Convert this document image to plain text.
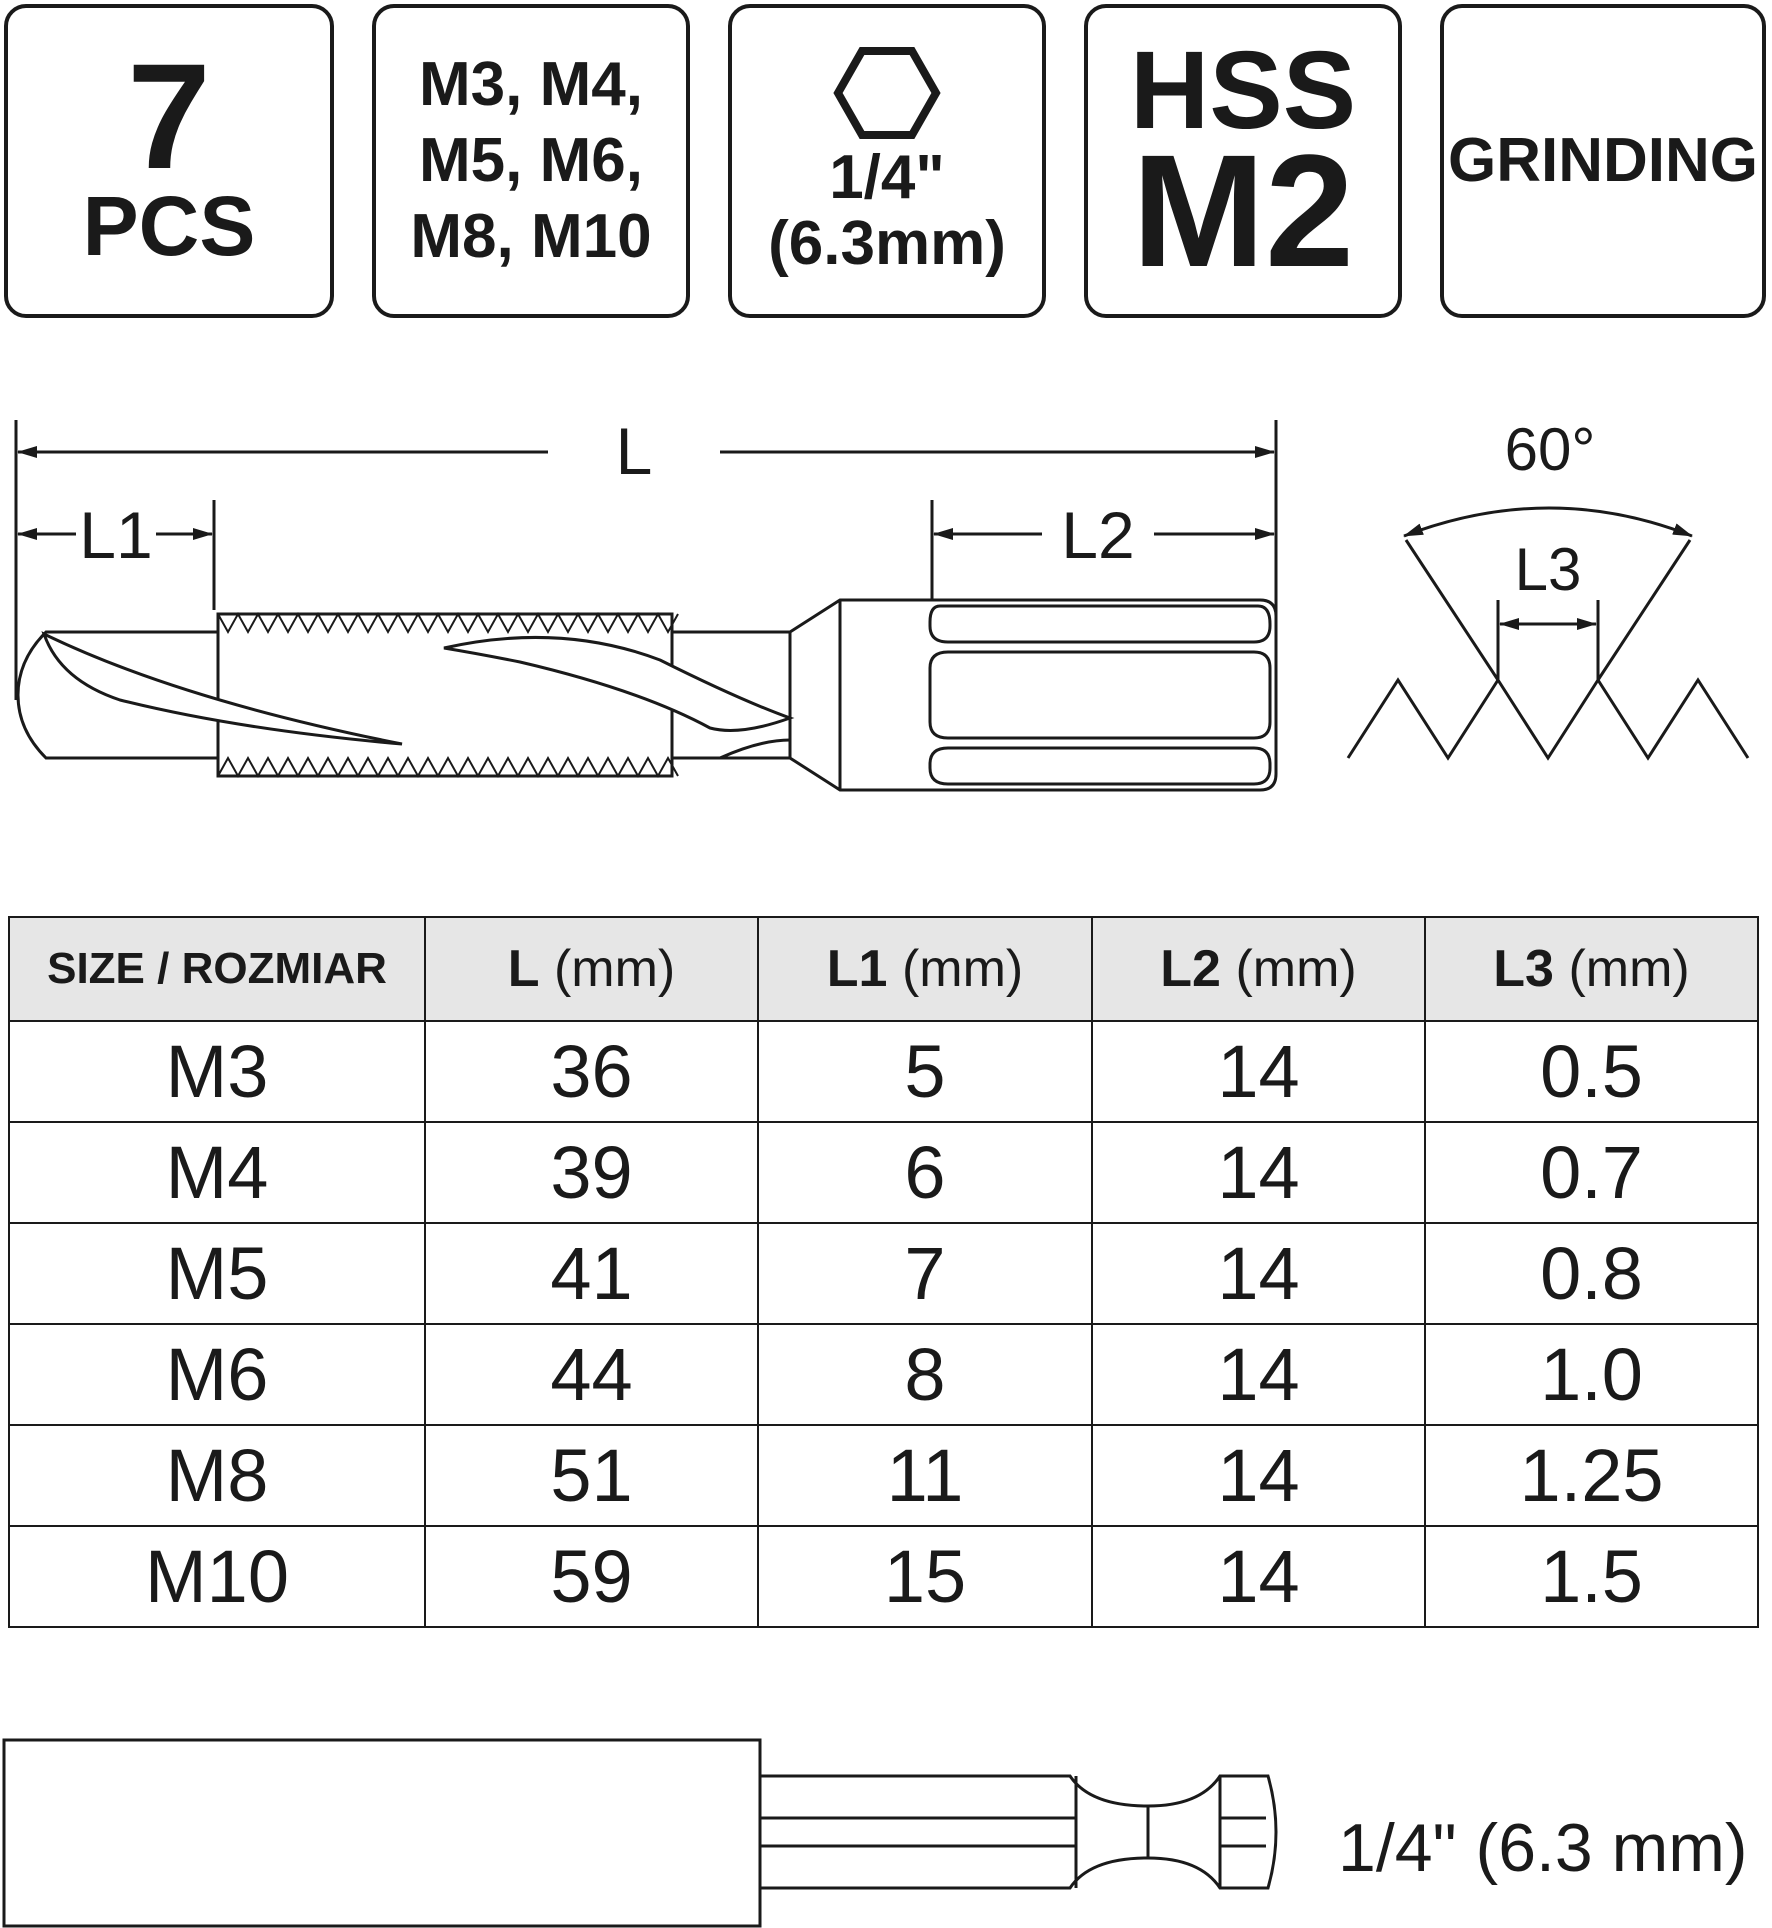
7
PCS
M3, M4,
M5, M6,
M8, M10
1/4"
(6.3mm)
HSS
M2 GRINDING
L
L1	L2
60°
L3
SIZE / ROZMIAR	L (mm)	L1 (mm)	L2 (mm)	L3 (mm)
M3	36	5	14	0.5
M4	39	6	14	0.7
M5	41	7	14	0.8
M6	44	8	14	1.0
M8	51	11	14	1.25
M10	59	15	14	1.5
1/4" (6.3 mm)
